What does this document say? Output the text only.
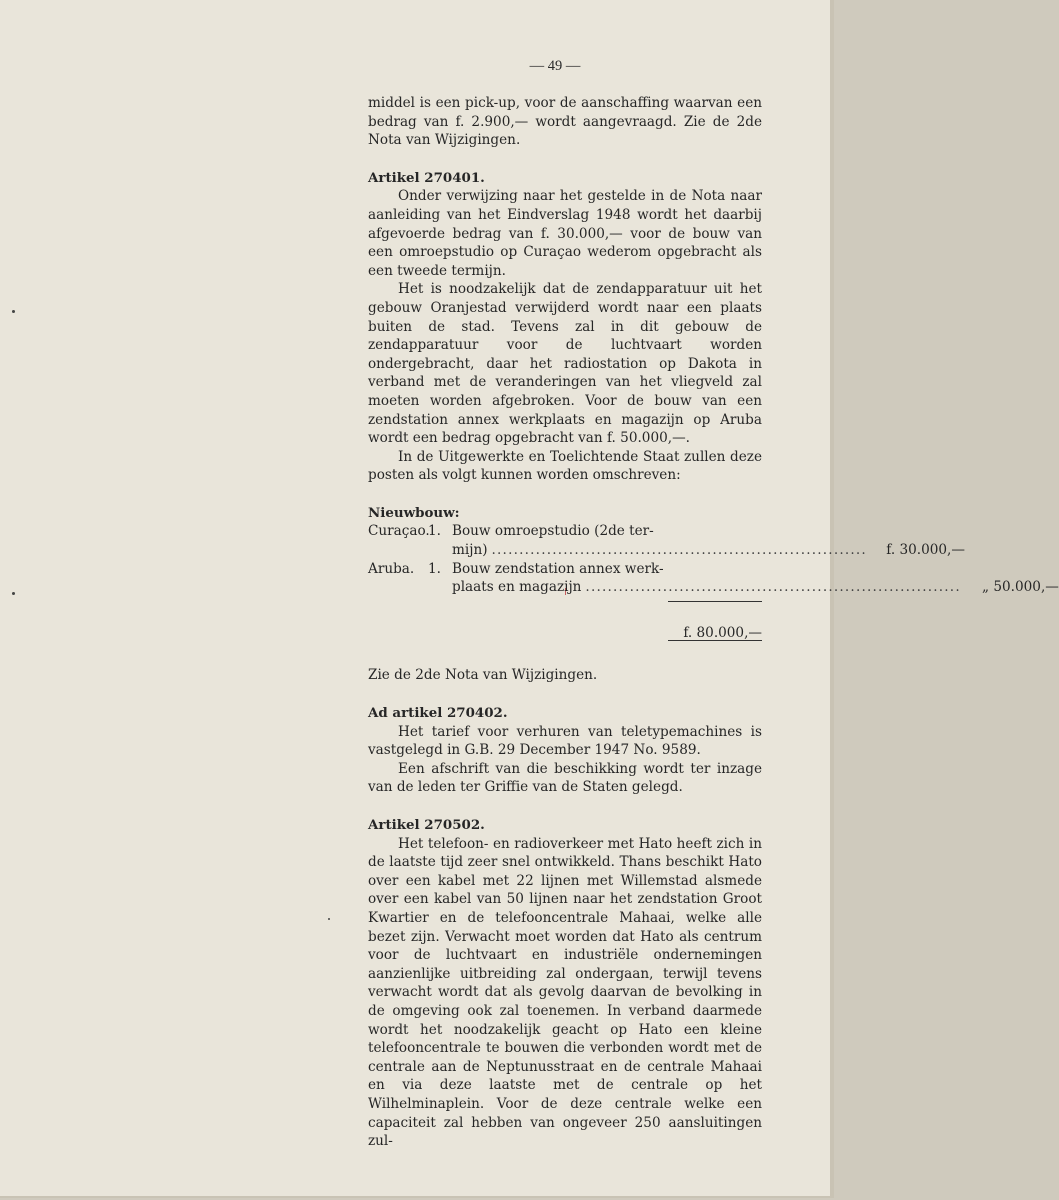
— 49 —

middel is een pick-up, voor de aanschaffing waarvan een bedrag van f. 2.900,— wordt aangevraagd. Zie de 2de Nota van Wijzigingen.

Artikel 270401.

Onder verwijzing naar het gestelde in de Nota naar aanleiding van het Eindverslag 1948 wordt het daarbij afgevoerde bedrag van f. 30.000,— voor de bouw van een omroepstudio op Curaçao wederom opgebracht als een tweede termijn.

Het is noodzakelijk dat de zendapparatuur uit het gebouw Oranjestad verwijderd wordt naar een plaats buiten de stad. Tevens zal in dit gebouw de zendapparatuur voor de luchtvaart worden ondergebracht, daar het radiostation op Dakota in verband met de veranderingen van het vliegveld zal moeten worden afgebroken. Voor de bouw van een zendstation annex werkplaats en magazijn op Aruba wordt een bedrag opgebracht van f. 50.000,—.

In de Uitgewerkte en Toelichtende Staat zullen deze posten als volgt kunnen worden omschreven:

Nieuwbouw:

Curaçao.
1. Bouw omroepstudio (2de ter-
mijn) ....................................................................	f. 30.000,—
Aruba.	1. Bouw zendstation annex werk-
plaats en magazijn ....................................................................	„ 50.000,—
f. 80.000,—

Zie de 2de Nota van Wijzigingen.

Ad artikel 270402.

Het tarief voor verhuren van teletypemachines is vastgelegd in G.B. 29 December 1947 No. 9589.

Een afschrift van die beschikking wordt ter inzage van de leden ter Griffie van de Staten gelegd.

Artikel 270502.

Het telefoon- en radioverkeer met Hato heeft zich in de laatste tijd zeer snel ontwikkeld. Thans beschikt Hato over een kabel met 22 lijnen met Willemstad alsmede over een kabel van 50 lijnen naar het zendstation Groot Kwartier en de telefooncentrale Mahaai, welke alle bezet zijn. Verwacht moet worden dat Hato als centrum voor de luchtvaart en industriële ondernemingen aanzienlijke uitbreiding zal ondergaan, terwijl tevens verwacht wordt dat als gevolg daarvan de bevolking in de omgeving ook zal toenemen. In verband daarmede wordt het noodzakelijk geacht op Hato een kleine telefooncentrale te bouwen die verbonden wordt met de centrale aan de Neptunusstraat en de centrale Mahaai en via deze laatste met de centrale op het Wilhelminaplein. Voor de deze centrale welke een capaciteit zal hebben van ongeveer 250 aansluitingen zul-
